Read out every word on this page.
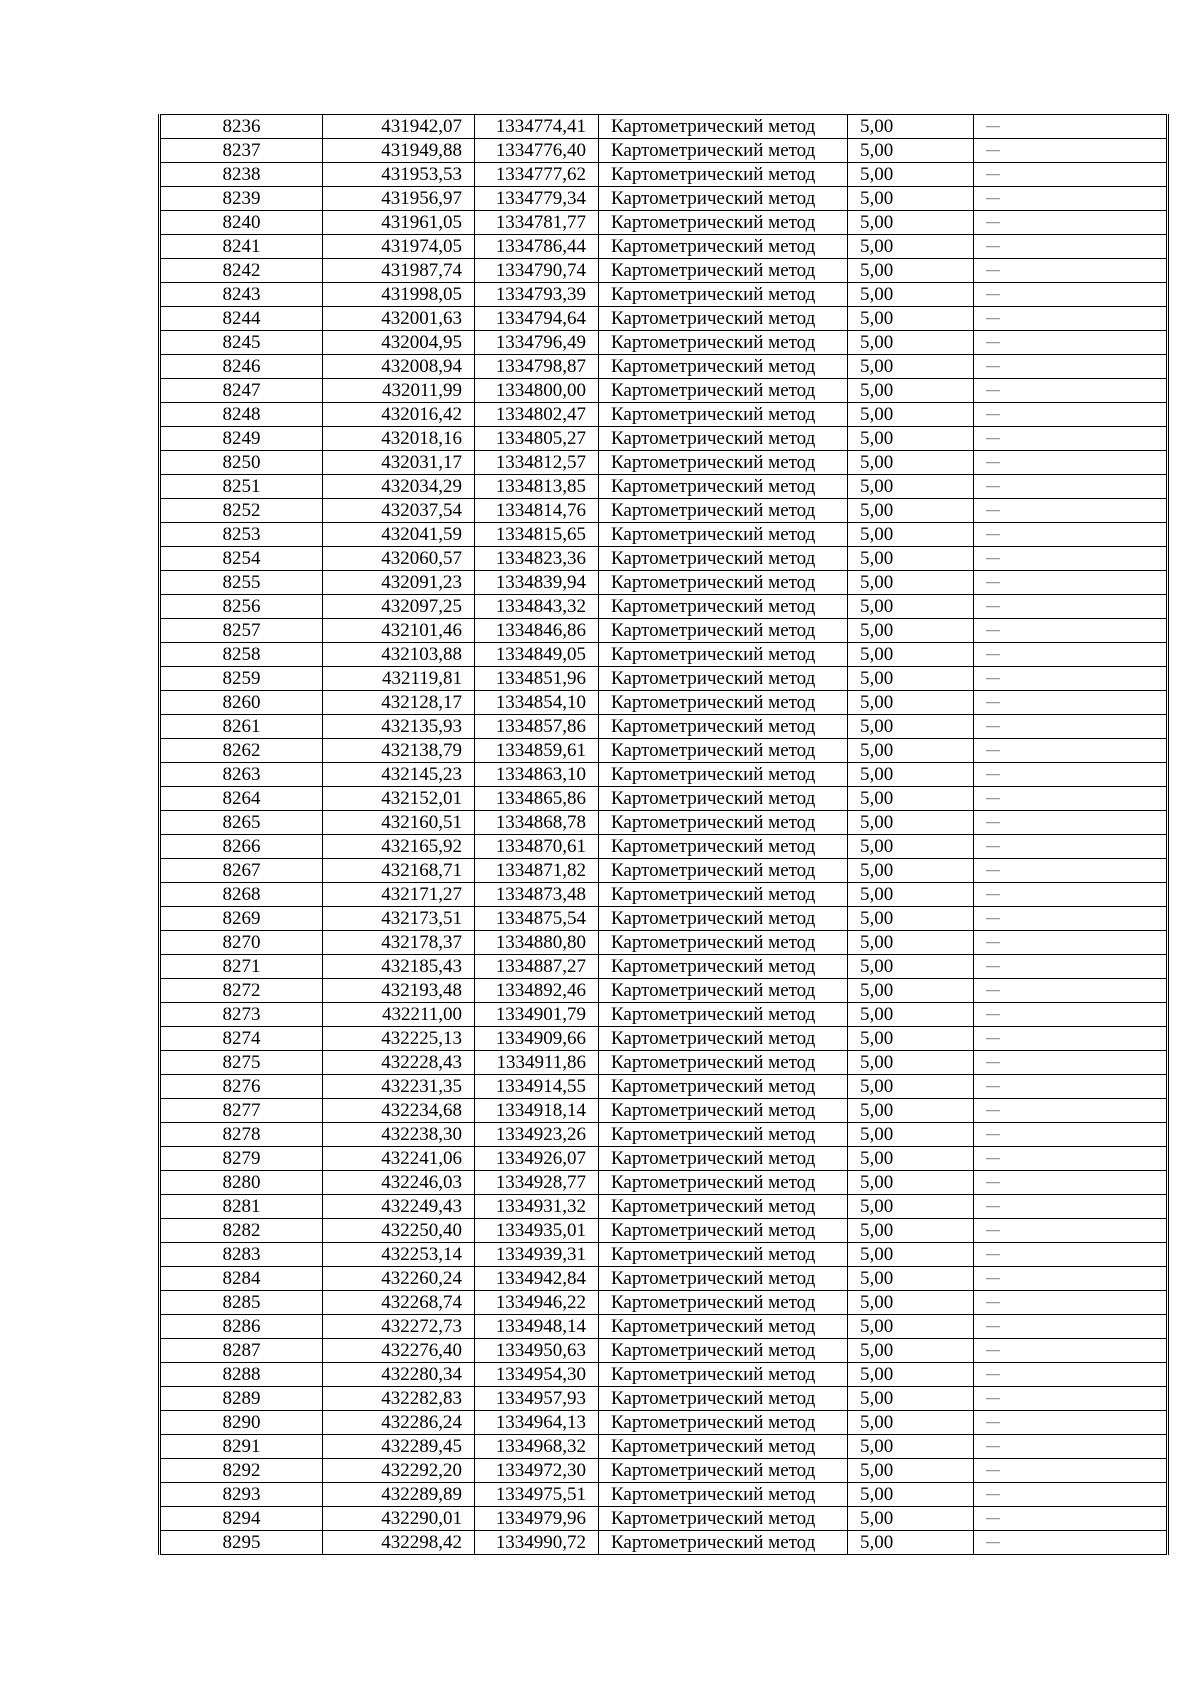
8236	431942,07	1334774,41	Картометрический метод	5,00	—
8237	431949,88	1334776,40	Картометрический метод	5,00	—
8238	431953,53	1334777,62	Картометрический метод	5,00	—
8239	431956,97	1334779,34	Картометрический метод	5,00	—
8240	431961,05	1334781,77	Картометрический метод	5,00	—
8241	431974,05	1334786,44	Картометрический метод	5,00	—
8242	431987,74	1334790,74	Картометрический метод	5,00	—
8243	431998,05	1334793,39	Картометрический метод	5,00	—
8244	432001,63	1334794,64	Картометрический метод	5,00	—
8245	432004,95	1334796,49	Картометрический метод	5,00	—
8246	432008,94	1334798,87	Картометрический метод	5,00	—
8247	432011,99	1334800,00	Картометрический метод	5,00	—
8248	432016,42	1334802,47	Картометрический метод	5,00	—
8249	432018,16	1334805,27	Картометрический метод	5,00	—
8250	432031,17	1334812,57	Картометрический метод	5,00	—
8251	432034,29	1334813,85	Картометрический метод	5,00	—
8252	432037,54	1334814,76	Картометрический метод	5,00	—
8253	432041,59	1334815,65	Картометрический метод	5,00	—
8254	432060,57	1334823,36	Картометрический метод	5,00	—
8255	432091,23	1334839,94	Картометрический метод	5,00	—
8256	432097,25	1334843,32	Картометрический метод	5,00	—
8257	432101,46	1334846,86	Картометрический метод	5,00	—
8258	432103,88	1334849,05	Картометрический метод	5,00	—
8259	432119,81	1334851,96	Картометрический метод	5,00	—
8260	432128,17	1334854,10	Картометрический метод	5,00	—
8261	432135,93	1334857,86	Картометрический метод	5,00	—
8262	432138,79	1334859,61	Картометрический метод	5,00	—
8263	432145,23	1334863,10	Картометрический метод	5,00	—
8264	432152,01	1334865,86	Картометрический метод	5,00	—
8265	432160,51	1334868,78	Картометрический метод	5,00	—
8266	432165,92	1334870,61	Картометрический метод	5,00	—
8267	432168,71	1334871,82	Картометрический метод	5,00	—
8268	432171,27	1334873,48	Картометрический метод	5,00	—
8269	432173,51	1334875,54	Картометрический метод	5,00	—
8270	432178,37	1334880,80	Картометрический метод	5,00	—
8271	432185,43	1334887,27	Картометрический метод	5,00	—
8272	432193,48	1334892,46	Картометрический метод	5,00	—
8273	432211,00	1334901,79	Картометрический метод	5,00	—
8274	432225,13	1334909,66	Картометрический метод	5,00	—
8275	432228,43	1334911,86	Картометрический метод	5,00	—
8276	432231,35	1334914,55	Картометрический метод	5,00	—
8277	432234,68	1334918,14	Картометрический метод	5,00	—
8278	432238,30	1334923,26	Картометрический метод	5,00	—
8279	432241,06	1334926,07	Картометрический метод	5,00	—
8280	432246,03	1334928,77	Картометрический метод	5,00	—
8281	432249,43	1334931,32	Картометрический метод	5,00	—
8282	432250,40	1334935,01	Картометрический метод	5,00	—
8283	432253,14	1334939,31	Картометрический метод	5,00	—
8284	432260,24	1334942,84	Картометрический метод	5,00	—
8285	432268,74	1334946,22	Картометрический метод	5,00	—
8286	432272,73	1334948,14	Картометрический метод	5,00	—
8287	432276,40	1334950,63	Картометрический метод	5,00	—
8288	432280,34	1334954,30	Картометрический метод	5,00	—
8289	432282,83	1334957,93	Картометрический метод	5,00	—
8290	432286,24	1334964,13	Картометрический метод	5,00	—
8291	432289,45	1334968,32	Картометрический метод	5,00	—
8292	432292,20	1334972,30	Картометрический метод	5,00	—
8293	432289,89	1334975,51	Картометрический метод	5,00	—
8294	432290,01	1334979,96	Картометрический метод	5,00	—
8295	432298,42	1334990,72	Картометрический метод	5,00	—
